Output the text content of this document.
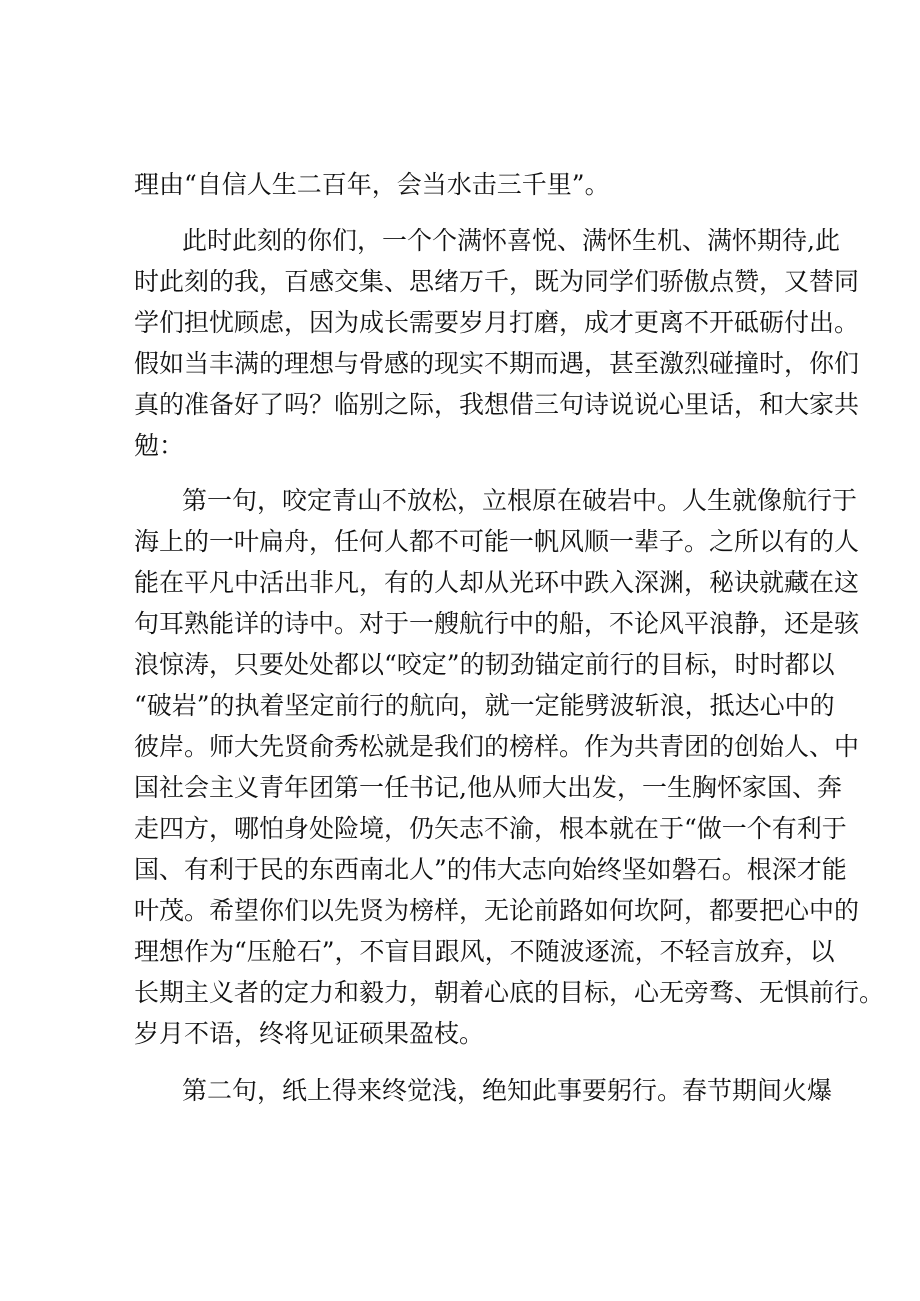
理由“自信人生二百年，会当水击三千里”。
此时此刻的你们，一个个满怀喜悦、满怀生机、满怀期待,此
时此刻的我，百感交集、思绪万千，既为同学们骄傲点赞，又替同
学们担忧顾虑，因为成长需要岁月打磨，成才更离不开砥砺付出。
假如当丰满的理想与骨感的现实不期而遇，甚至激烈碰撞时，你们
真的准备好了吗？临别之际，我想借三句诗说说心里话，和大家共
勉：
第一句，咬定青山不放松，立根原在破岩中。人生就像航行于
海上的一叶扁舟，任何人都不可能一帆风顺一辈子。之所以有的人
能在平凡中活出非凡，有的人却从光环中跌入深渊，秘诀就藏在这
句耳熟能详的诗中。对于一艘航行中的船，不论风平浪静，还是骇
浪惊涛，只要处处都以“咬定”的韧劲锚定前行的目标，时时都以
“破岩”的执着坚定前行的航向，就一定能劈波斩浪，抵达心中的
彼岸。师大先贤俞秀松就是我们的榜样。作为共青团的创始人、中
国社会主义青年团第一任书记,他从师大出发，一生胸怀家国、奔
走四方，哪怕身处险境，仍矢志不渝，根本就在于“做一个有利于
国、有利于民的东西南北人”的伟大志向始终坚如磐石。根深才能
叶茂。希望你们以先贤为榜样，无论前路如何坎阿，都要把心中的
理想作为“压舱石”，不盲目跟风，不随波逐流，不轻言放弃，以
长期主义者的定力和毅力，朝着心底的目标，心无旁骛、无惧前行。
岁月不语，终将见证硕果盈枝。
第二句，纸上得来终觉浅，绝知此事要躬行。春节期间火爆
